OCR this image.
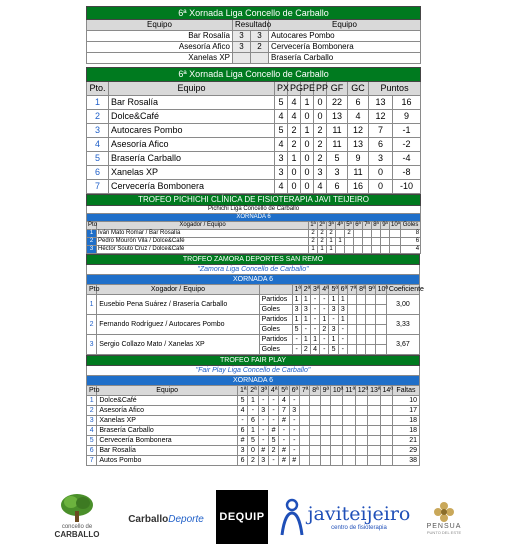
6ª Xornada Liga Concello de Carballo			
Equipo	Resultado		Equipo
Bar Rosalía	3	3	Autocares Pombo
Asesoría Afico	3	2	Cervecería Bombonera
Xanelas XP			Brasería Carballo
6ª Xornada Liga Concello de Carballo									
Pto.	Equipo	PX	PG	PE	PP	GF	GC	Puntos	
1	Bar Rosalía	5	4	1	0	22	6	13	16
2	Dolce&Café	4	4	0	0	13	4	12	9
3	Autocares Pombo	5	2	1	2	11	12	7	-1
4	Asesoría Afico	4	2	0	2	11	13	6	-2
5	Brasería Carballo	3	1	0	2	5	9	3	-4
6	Xanelas XP	3	0	0	3	3	11	0	-8
7	Cervecería Bombonera	4	0	0	4	6	16	0	-10
TROFEO PICHICHI CLÍNICA DE FISIOTERAPIA JAVI TEIJEIRO												
Pichichi Liga Concello de Carballo												
XORNADA 6												
Pto	Xogador / Equipo	1ª	2ª	3ª	4ª	5ª	6ª	7ª	8ª	9ª	10ª	Goles
1	Iván Mato Romar / Bar Rosalía	2	2	2		2						8
2	Pedro Mourón Vila / Dolce&Café	2	2	1	1							6
3	Héctor Souto Cruz / Dolce&Café	1	1	1								4
TROFEO ZAMORA DEPORTES SAN REMO													
"Zamora Liga Concello de Carballo"													
XORNADA 6													
Pto	Xogador / Equipo		1ª	2ª	3ª	4ª	5ª	6ª	7ª	8ª	9ª	10ª	Coeficiente
1	Eusebio Pena Suárez / Brasería Carballo	Partidos	1	1	-	-	1	1					3,00
		Goles	3	3	-	-	3	3					
2	Fernando Rodríguez / Autocares Pombo	Partidos	1	1	-	1	-	1					3,33
		Goles	5	-	-	2	3	-					
3	Sergio Collazo Mato / Xanelas XP	Partidos	-	1	1	-	1	-					3,67
		Goles	-	2	4	-	5	-					
TROFEO FAIR PLAY																
"Fair Play Liga Concello de Carballo"																
XORNADA 6																
Pto	Equipo	1ª	2ª	3ª	4ª	5ª	6ª	7ª	8ª	9ª	10ª	11ª	12ª	13ª	14ª	Faltas
1	Dolce&Café	5	1	-	-	4	-									10
2	Asesoría Afico	4	-	3	-	7	3									17
3	Xanelas XP	-	6	-	-	#	-									18
4	Brasería Carballo	6	1	-	#	-	-									18
5	Cervecería Bombonera	#	5	-	5	-	-									21
6	Bar Rosalía	3	0	#	2	#	-									29
7	Autos Pombo	6	2	3	-	#	#									38
concello de
CARBALLO
Carballo Deporte DEQUIP javiteijeiro
centro de fisioterapia	PENSUA
PUNTO DEL ESTE
